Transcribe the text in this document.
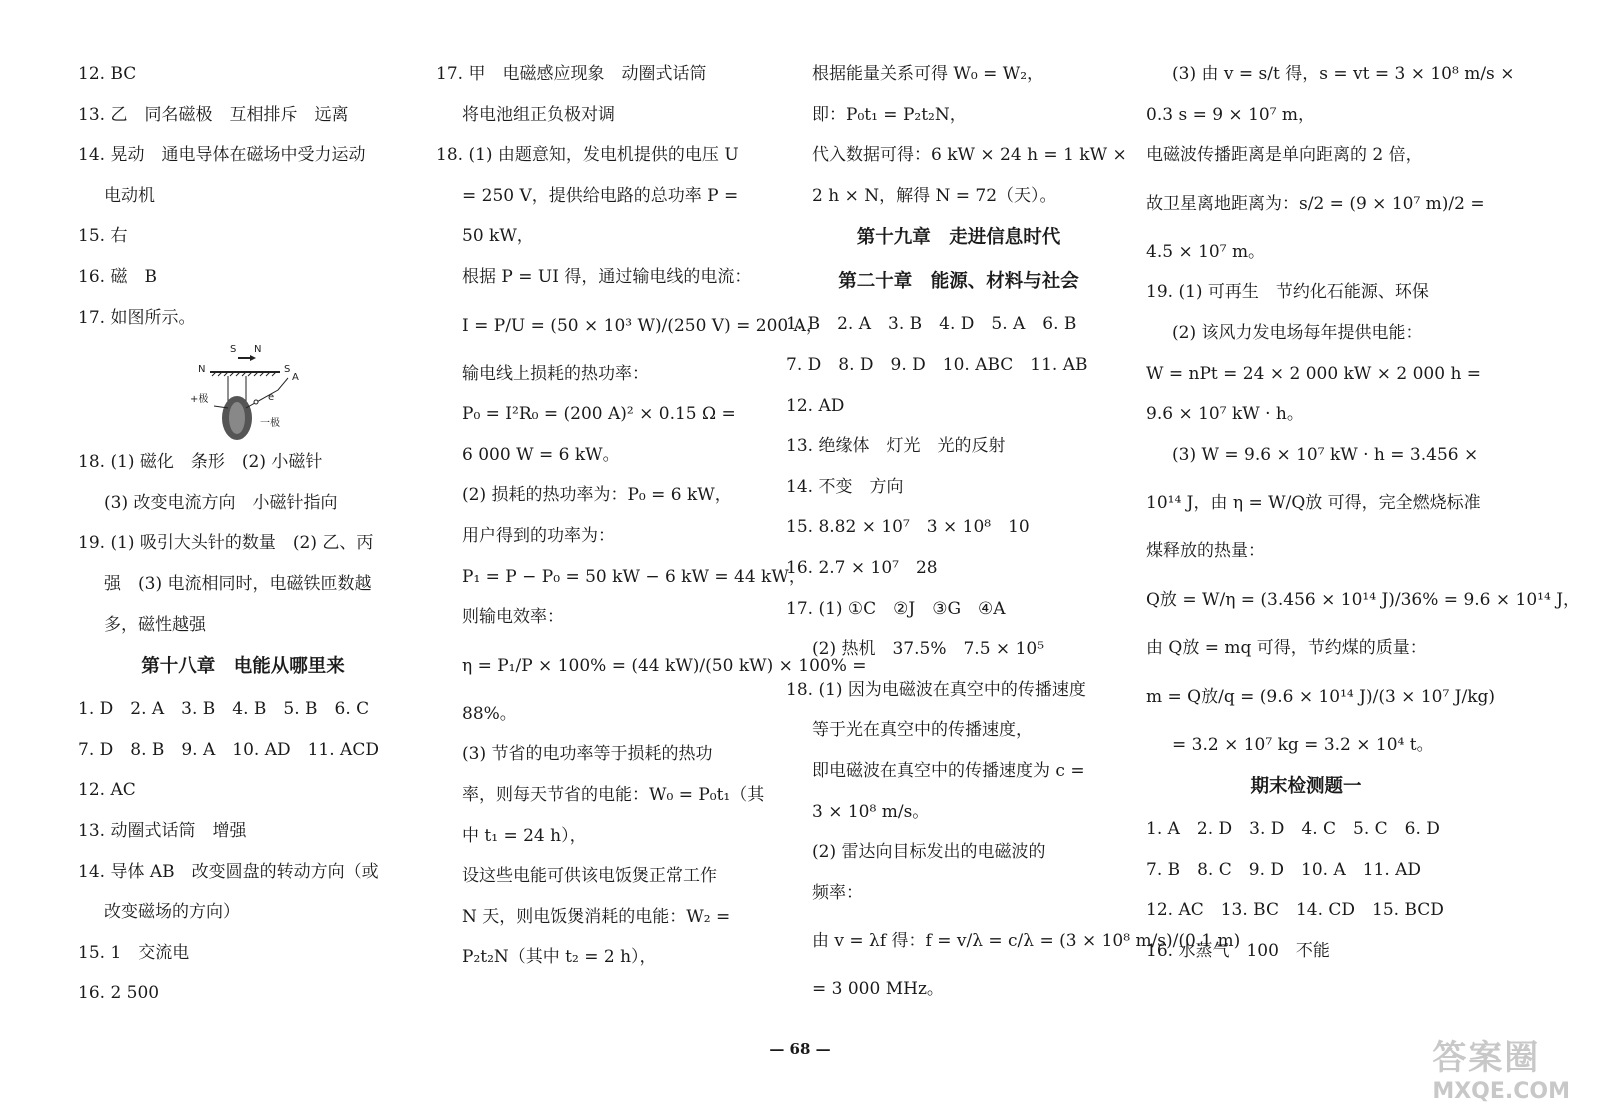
12. BC
13. 乙　同名磁极　互相排斥　远离
14. 晃动　通电导体在磁场中受力运动
电动机
15. 右
16. 磁　B
17. 如图所示。
S N
N	S
A
+极
一极
e
18. (1) 磁化　条形　(2) 小磁针
(3) 改变电流方向　小磁针指向
19. (1) 吸引大头针的数量　(2) 乙、丙
强　(3) 电流相同时，电磁铁匝数越
多，磁性越强
第十八章　电能从哪里来
1. D　2. A　3. B　4. B　5. B　6. C
7. D　8. B　9. A　10. AD　11. ACD
12. AC
13. 动圈式话筒　增强
14. 导体 AB　改变圆盘的转动方向（或
改变磁场的方向）
15. 1　交流电
16. 2 500
17. 甲　电磁感应现象　动圈式话筒
将电池组正负极对调
18. (1) 由题意知，发电机提供的电压 U
= 250 V，提供给电路的总功率 P =
50 kW，
根据 P = UI 得，通过输电线的电流：
I = P/U = (50 × 10³ W)/(250 V) = 200 A，
输电线上损耗的热功率：
P₀ = I²R₀ = (200 A)² × 0.15 Ω =
6 000 W = 6 kW。
(2) 损耗的热功率为：P₀ = 6 kW，
用户得到的功率为：
P₁ = P − P₀ = 50 kW − 6 kW = 44 kW，
则输电效率：
η = P₁/P × 100% = (44 kW)/(50 kW) × 100% =
88%。
(3) 节省的电功率等于损耗的热功
率，则每天节省的电能：W₀ = P₀t₁（其
中 t₁ = 24 h），
设这些电能可供该电饭煲正常工作
N 天，则电饭煲消耗的电能：W₂ =
P₂t₂N（其中 t₂ = 2 h），
根据能量关系可得 W₀ = W₂，
即：P₀t₁ = P₂t₂N，
代入数据可得：6 kW × 24 h = 1 kW ×
2 h × N，解得 N = 72（天）。
第十九章　走进信息时代
第二十章　能源、材料与社会
1. B　2. A　3. B　4. D　5. A　6. B
7. D　8. D　9. D　10. ABC　11. AB
12. AD
13. 绝缘体　灯光　光的反射
14. 不变　方向
15. 8.82 × 10⁷　3 × 10⁸　10
16. 2.7 × 10⁷　28
17. (1) ①C　②J　③G　④A
(2) 热机　37.5%　7.5 × 10⁵
18. (1) 因为电磁波在真空中的传播速度
等于光在真空中的传播速度，
即电磁波在真空中的传播速度为 c =
3 × 10⁸ m/s。
(2) 雷达向目标发出的电磁波的
频率：
由 v = λf 得：f = v/λ = c/λ = (3 × 10⁸ m/s)/(0.1 m)
= 3 000 MHz。
(3) 由 v = s/t 得，s = vt = 3 × 10⁸ m/s ×
0.3 s = 9 × 10⁷ m，
电磁波传播距离是单向距离的 2 倍，
故卫星离地距离为：s/2 = (9 × 10⁷ m)/2 =
4.5 × 10⁷ m。
19. (1) 可再生　节约化石能源、环保
(2) 该风力发电场每年提供电能：
W = nPt = 24 × 2 000 kW × 2 000 h =
9.6 × 10⁷ kW · h。
(3) W = 9.6 × 10⁷ kW · h = 3.456 ×
10¹⁴ J，由 η = W/Q放 可得，完全燃烧标准
煤释放的热量：
Q放 = W/η = (3.456 × 10¹⁴ J)/36% = 9.6 × 10¹⁴ J，
由 Q放 = mq 可得，节约煤的质量：
m = Q放/q = (9.6 × 10¹⁴ J)/(3 × 10⁷ J/kg)
= 3.2 × 10⁷ kg = 3.2 × 10⁴ t。
期末检测题一
1. A　2. D　3. D　4. C　5. C　6. D
7. B　8. C　9. D　10. A　11. AD
12. AC　13. BC　14. CD　15. BCD
16. 水蒸气　100　不能
— 68 —	答案圈
MXQE.COM
